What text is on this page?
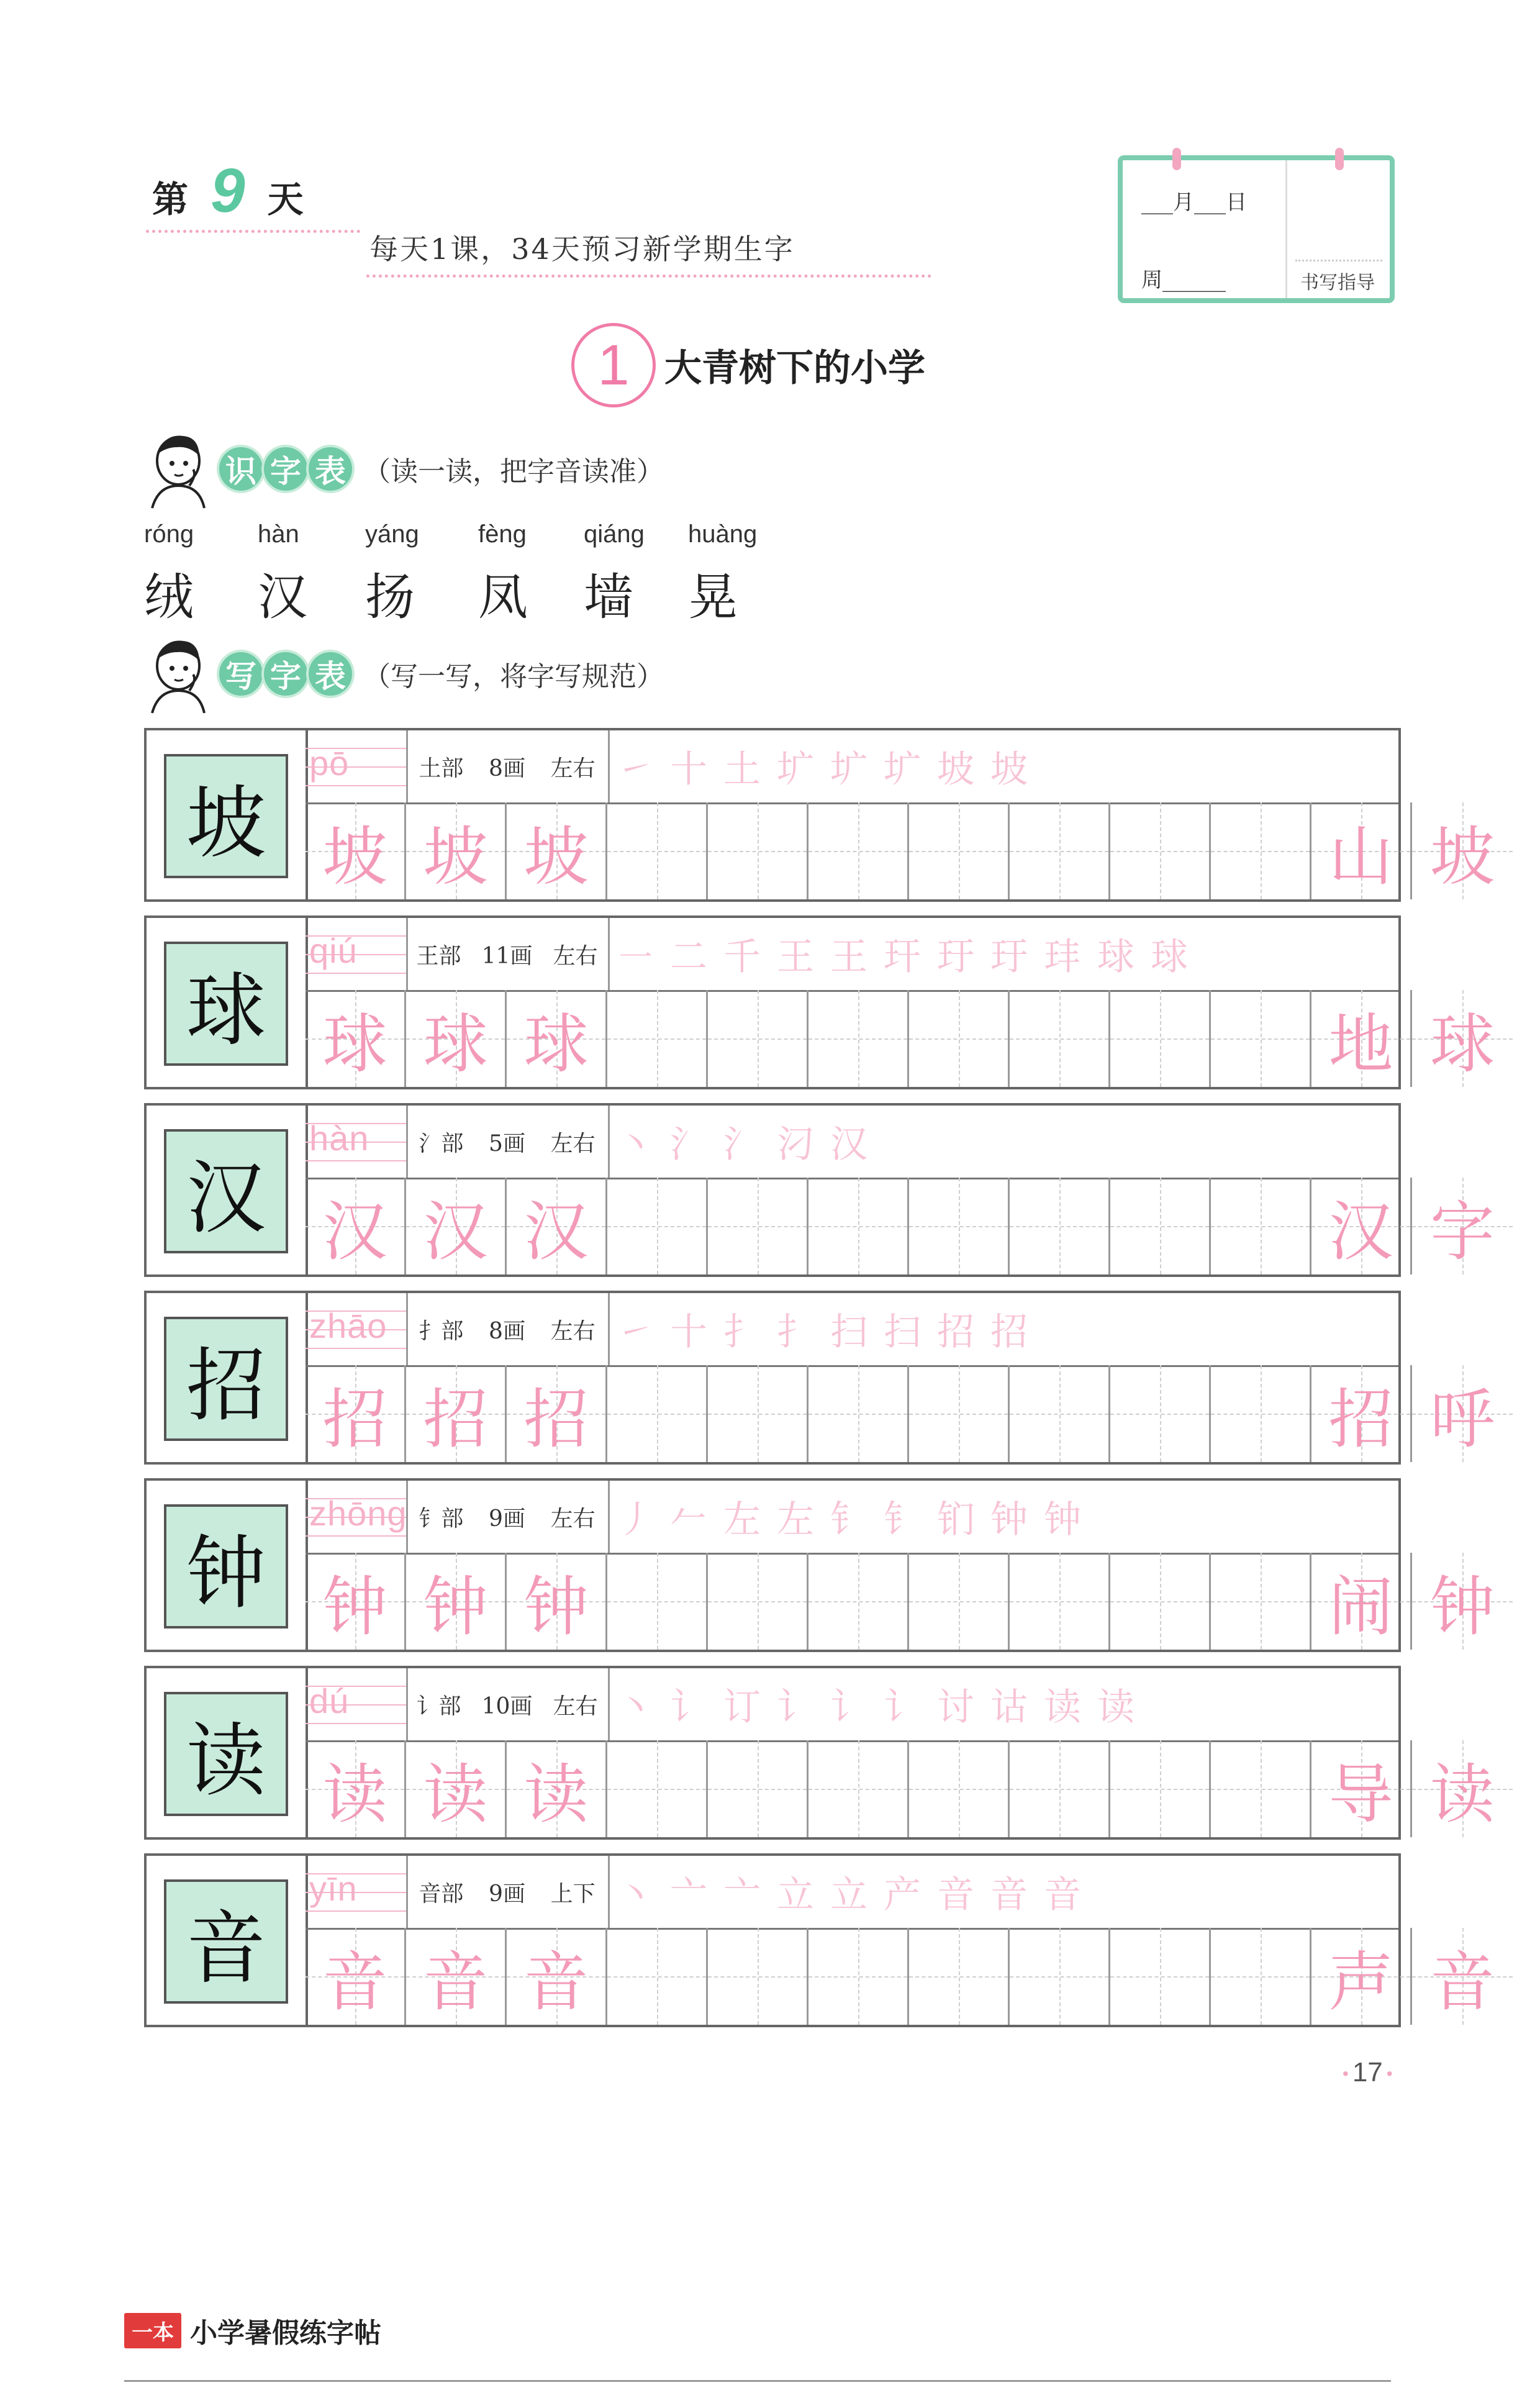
第 9 天
每天1课，34天预习新学期生字
___月___日
周______	书写指导
1 大青树下的小学
识 字 表 （读一读，把字音读准）
róng
绒
hàn
汉
yáng
扬
fèng
凤
qiáng
墙
huàng
晃
写 字 表 （写一写，将字写规范）
坡
pō	土部 8画 左右 ㇀ 十 土 圹 圹 圹 坡 坡
坡 坡 坡	山 坡
球
qiú	王部 11画 左右 ㇐ 二 千 王 王 玕 玗 玗 玤 球 球
球 球 球	地 球
汉
hàn 氵部 5画 左右 丶 氵 氵 汈 汉
汉 汉 汉	汉 字
招
zhāo 扌部 8画 左右 ㇀ 十 扌 扌 扫 扫 招 招
招 招 招	招 呼
钟
zhōng 钅部 9画 左右 丿 𠂉 左 左 钅 钅 钔 钟 钟
钟 钟 钟	闹 钟
读
dú	讠部 10画 左右 丶 讠 订 讠 讠 讠 讨 诂 读 读
读 读 读	导 读
音
yīn	音部 9画 上下 丶 亠 亠 立 立 产 音 音 音
音 音 音	声 音
• 17 •
一本 小学暑假练字帖
